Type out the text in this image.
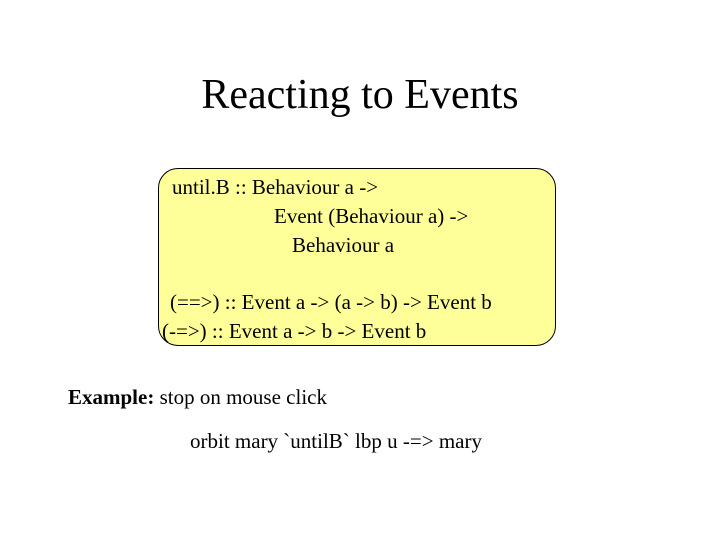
Reacting to Events
until.B :: Behaviour a ->
Event (Behaviour a) ->
Behaviour a
(==>) :: Event a -> (a -> b) -> Event b
(-=>) :: Event a -> b -> Event b
Example: stop on mouse click
orbit mary `untilB` lbp u -=> mary
